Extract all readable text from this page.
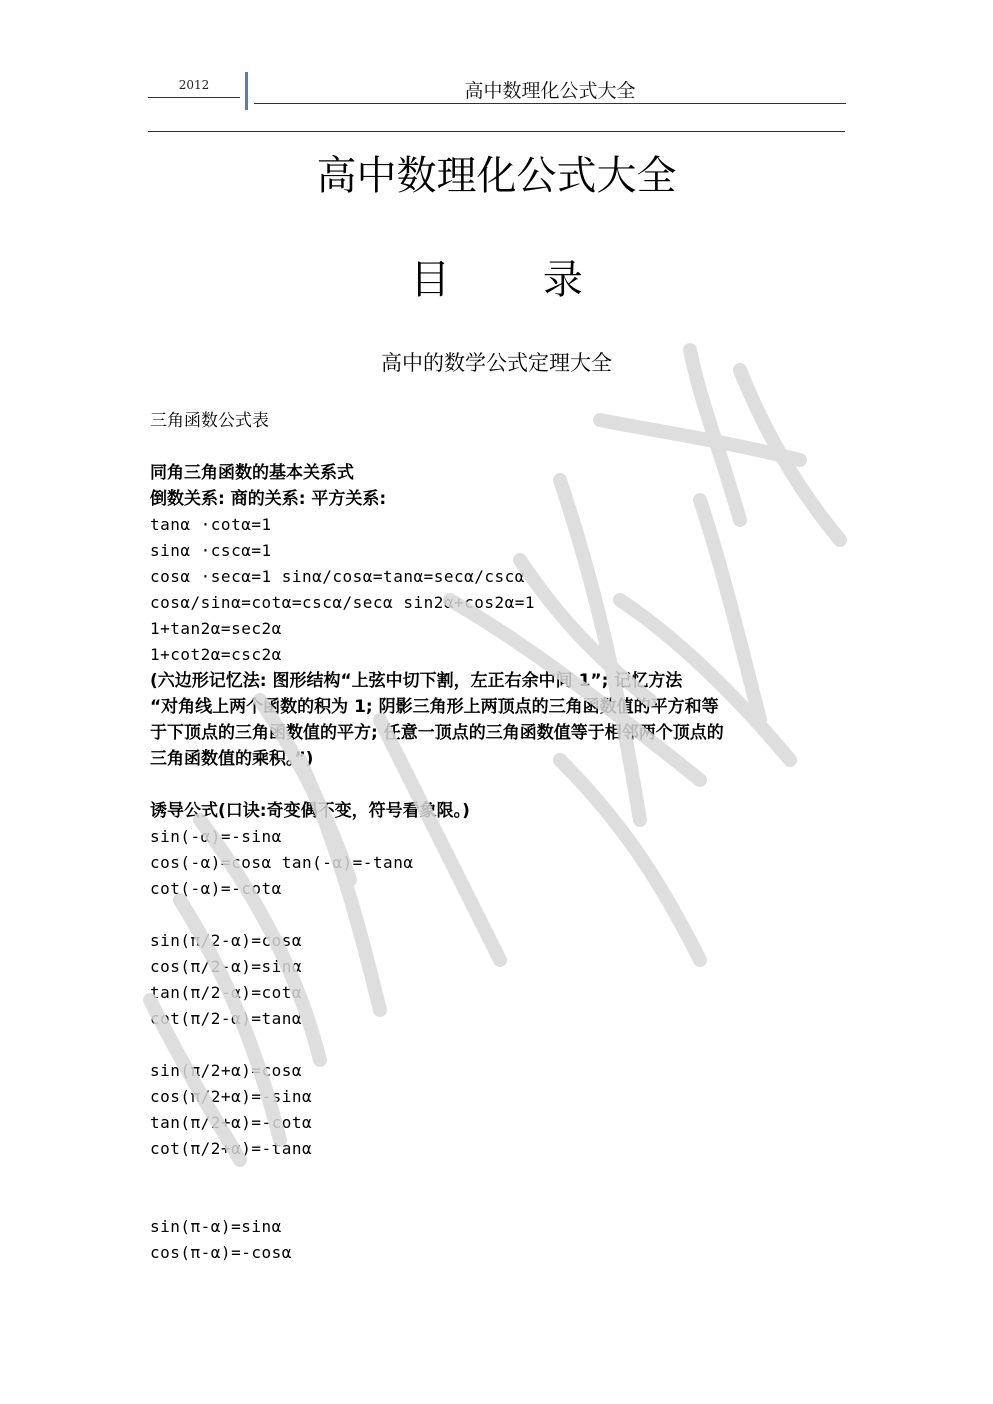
2012	高中数理化公式大全
高中数理化公式大全
目 录
高中的数学公式定理大全
三角函数公式表
同角三角函数的基本关系式
倒数关系: 商的关系: 平方关系:
tanα ·cotα=1
sinα ·cscα=1
cosα ·secα=1 sinα/cosα=tanα=secα/cscα
cosα/sinα=cotα=cscα/secα sin2α+cos2α=1
1+tan2α=sec2α
1+cot2α=csc2α
(六边形记忆法: 图形结构“上弦中切下割，左正右余中间 1”; 记忆方法
“对角线上两个函数的积为 1; 阴影三角形上两顶点的三角函数值的平方和等
于下顶点的三角函数值的平方; 任意一顶点的三角函数值等于相邻两个顶点的
三角函数值的乘积。”)
诱导公式(口诀:奇变偶不变，符号看象限。)
sin(-α)=-sinα
cos(-α)=cosα tan(-α)=-tanα
cot(-α)=-cotα
sin(π/2-α)=cosα
cos(π/2-α)=sinα
tan(π/2-α)=cotα
cot(π/2-α)=tanα
sin(π/2+α)=cosα
cos(π/2+α)=-sinα
tan(π/2+α)=-cotα
cot(π/2+α)=-tanα
sin(π-α)=sinα
cos(π-α)=-cosα
